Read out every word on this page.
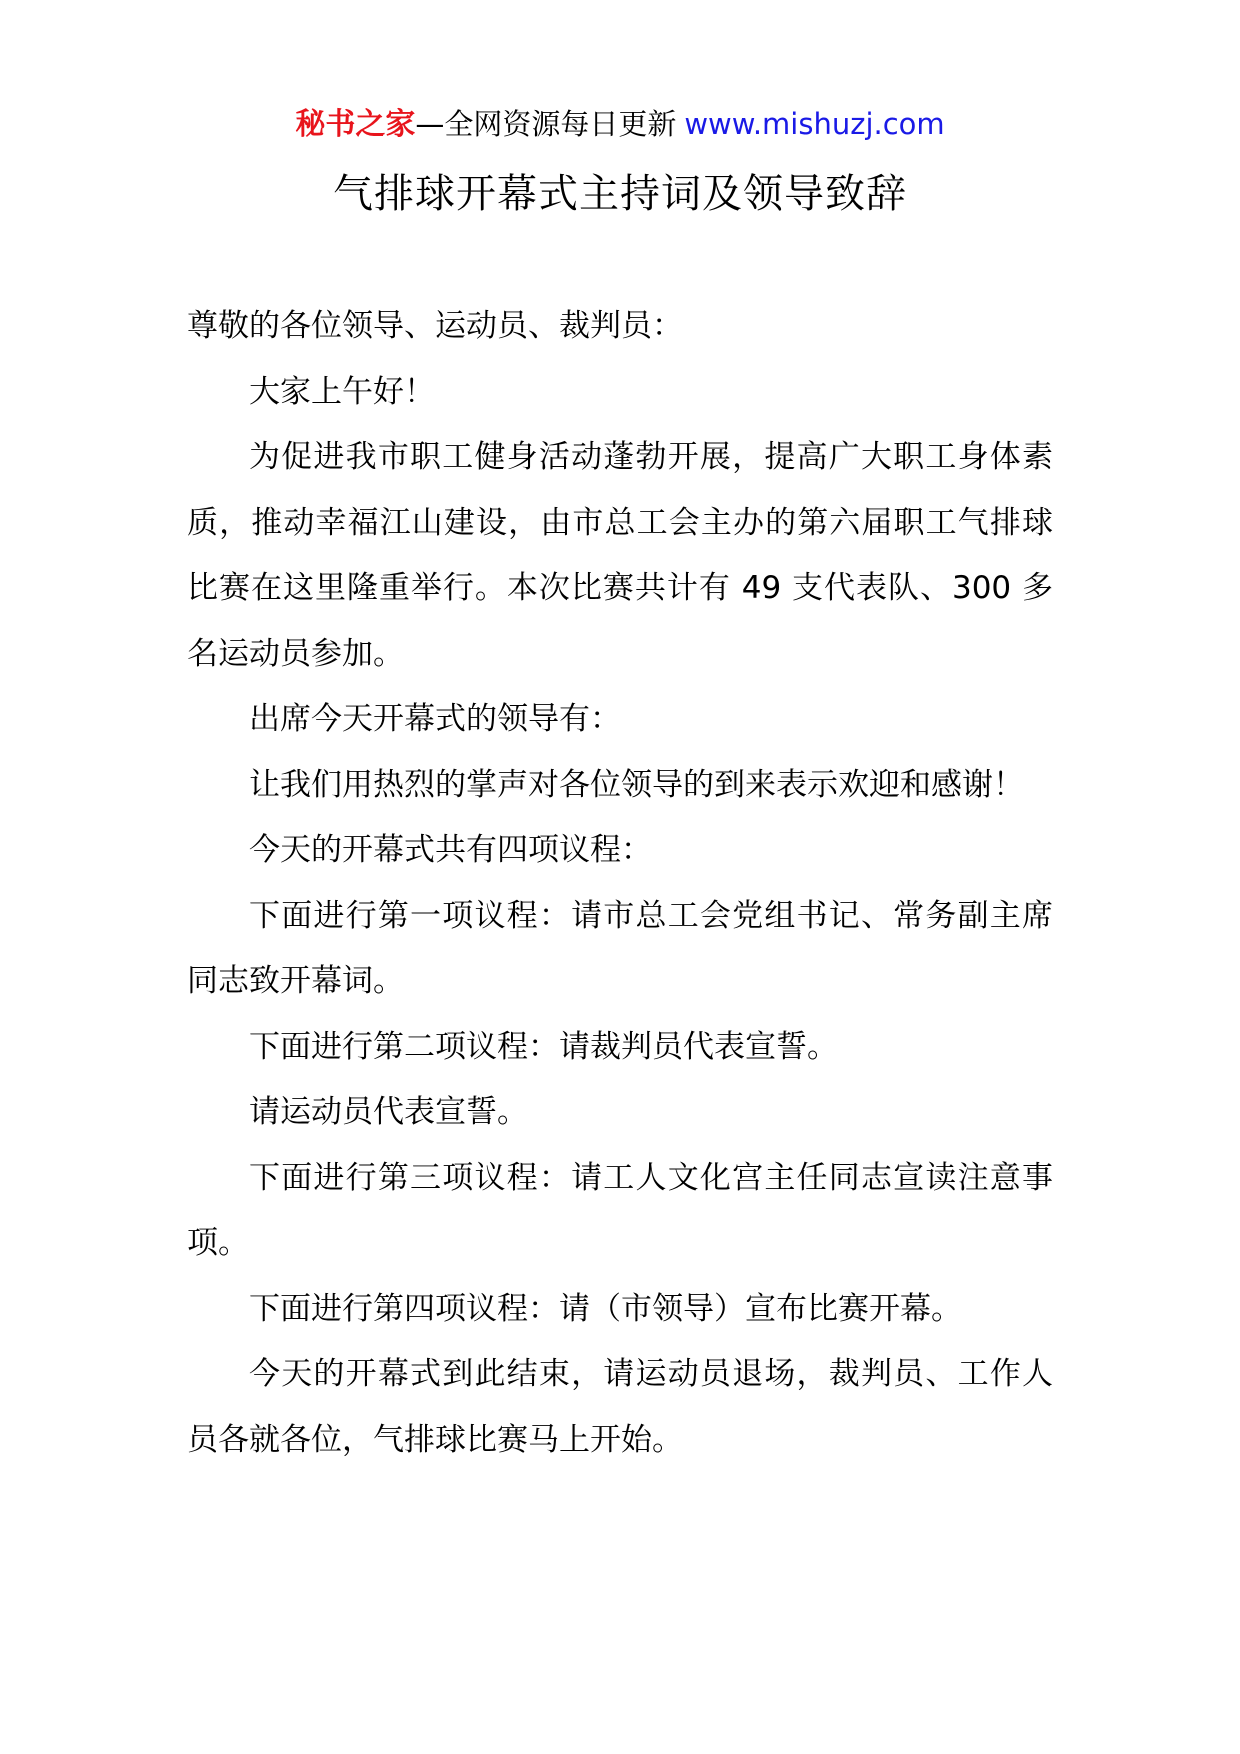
秘书之家—全网资源每日更新 www.mishuzj.com
气排球开幕式主持词及领导致辞

尊敬的各位领导、运动员、裁判员：

大家上午好！

为促进我市职工健身活动蓬勃开展，提高广大职工身体素质，推动幸福江山建设，由市总工会主办的第六届职工气排球比赛在这里隆重举行。本次比赛共计有 49 支代表队、300 多名运动员参加。

出席今天开幕式的领导有：

让我们用热烈的掌声对各位领导的到来表示欢迎和感谢！

今天的开幕式共有四项议程：

下面进行第一项议程：请市总工会党组书记、常务副主席同志致开幕词。

下面进行第二项议程：请裁判员代表宣誓。

请运动员代表宣誓。

下面进行第三项议程：请工人文化宫主任同志宣读注意事项。

下面进行第四项议程：请（市领导）宣布比赛开幕。

今天的开幕式到此结束，请运动员退场，裁判员、工作人员各就各位，气排球比赛马上开始。
